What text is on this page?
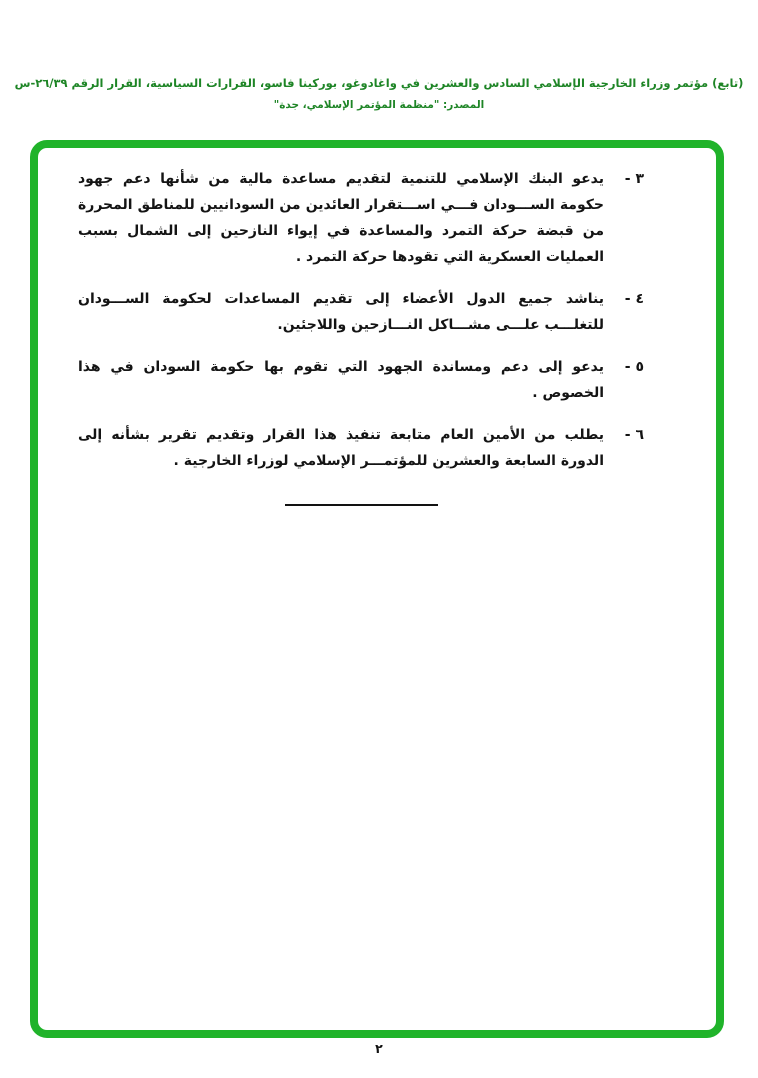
(تابع) مؤتمر وزراء الخارجية الإسلامي السادس والعشرين في واغادوغو، بوركينا فاسو، القرارات السياسية، القرار الرقم ٢٦/٣٩-س
المصدر: "منظمة المؤتمر الإسلامي، جدة"
٣ -
يدعو البنك الإسلامي للتنمية لتقديم مساعدة مالية من شأنها دعم جهود حكومة الســـودان فـــي اســـتقرار العائدين من السودانيين للمناطق المحررة من قبضة حركة التمرد والمساعدة في إيواء النازحين إلى الشمال بسبب العمليات العسكرية التي تقودها حركة التمرد .
٤ -
يناشد جميع الدول الأعضاء إلى تقديم المساعدات لحكومة الســـودان للتغلـــب علـــى مشـــاكل النـــازحين واللاجئين.
٥ -
يدعو إلى دعم ومساندة الجهود التي تقوم بها حكومة السودان في هذا الخصوص .
٦ -
يطلب من الأمين العام متابعة تنفيذ هذا القرار وتقديم تقرير بشأنه إلى الدورة السابعة والعشرين للمؤتمـــر الإسلامي لوزراء الخارجية .
٢
